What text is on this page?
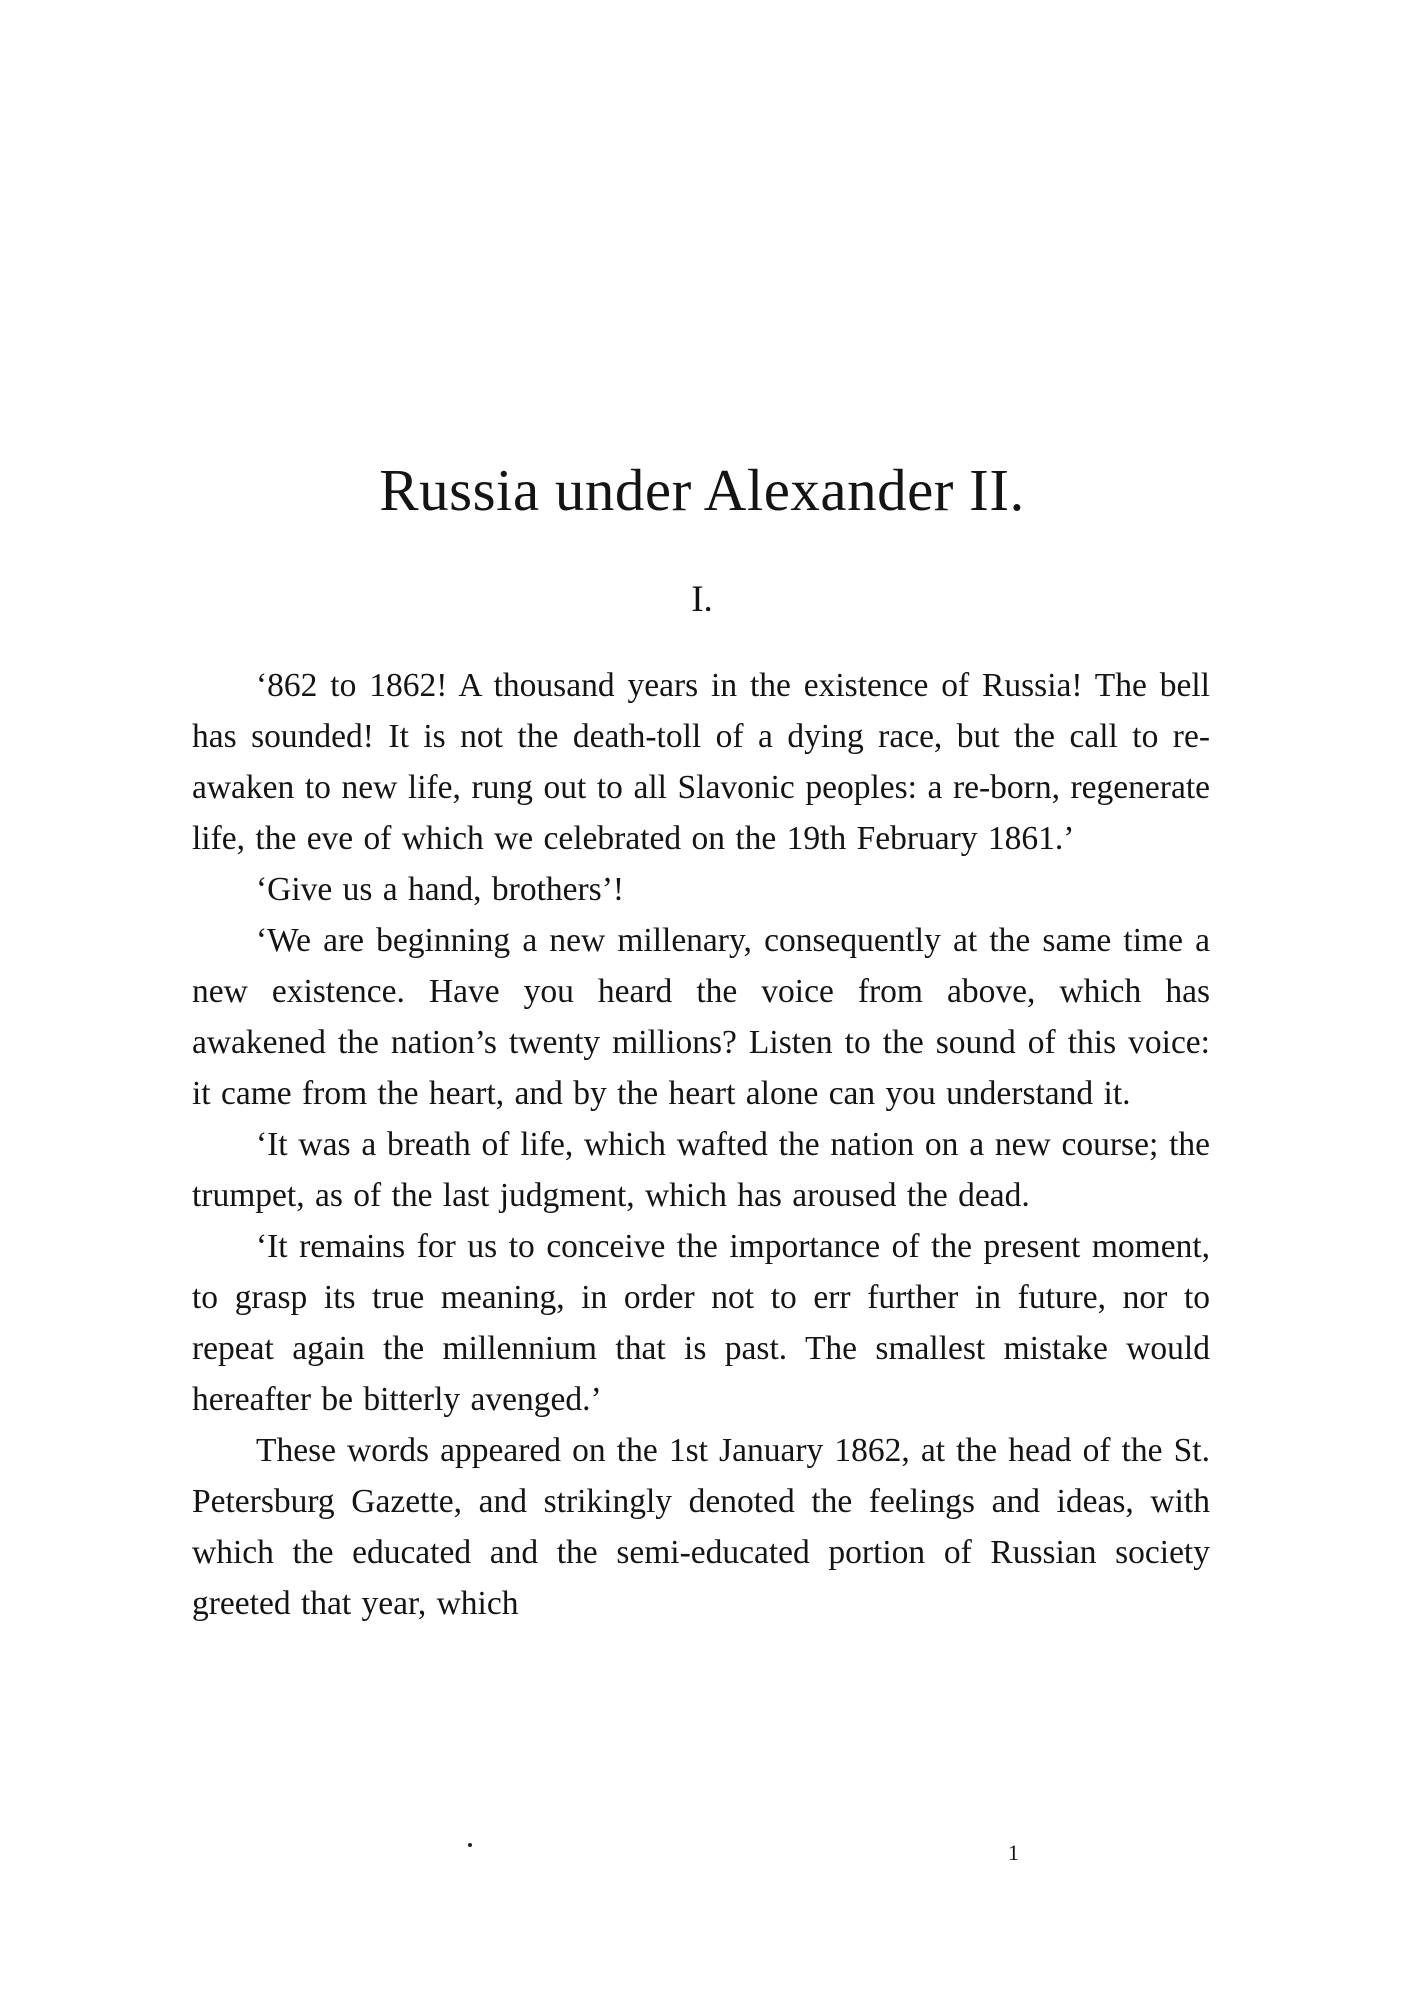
Russia under Alexander II.
I.

‘862 to 1862! A thousand years in the existence of Russia! The bell has sounded! It is not the death-toll of a dying race, but the call to re-awaken to new life, rung out to all Slavonic peoples: a re-born, regenerate life, the eve of which we celebrated on the 19th February 1861.’

‘Give us a hand, brothers’!

‘We are beginning a new millenary, consequently at the same time a new existence. Have you heard the voice from above, which has awakened the nation’s twenty millions? Listen to the sound of this voice: it came from the heart, and by the heart alone can you understand it.

‘It was a breath of life, which wafted the nation on a new course; the trumpet, as of the last judgment, which has aroused the dead.

‘It remains for us to conceive the importance of the present moment, to grasp its true meaning, in order not to err further in future, nor to repeat again the millennium that is past. The smallest mistake would hereafter be bitterly avenged.’

These words appeared on the 1st January 1862, at the head of the St. Petersburg Gazette, and strikingly denoted the feelings and ideas, with which the educated and the semi-educated portion of Russian society greeted that year, which

1
